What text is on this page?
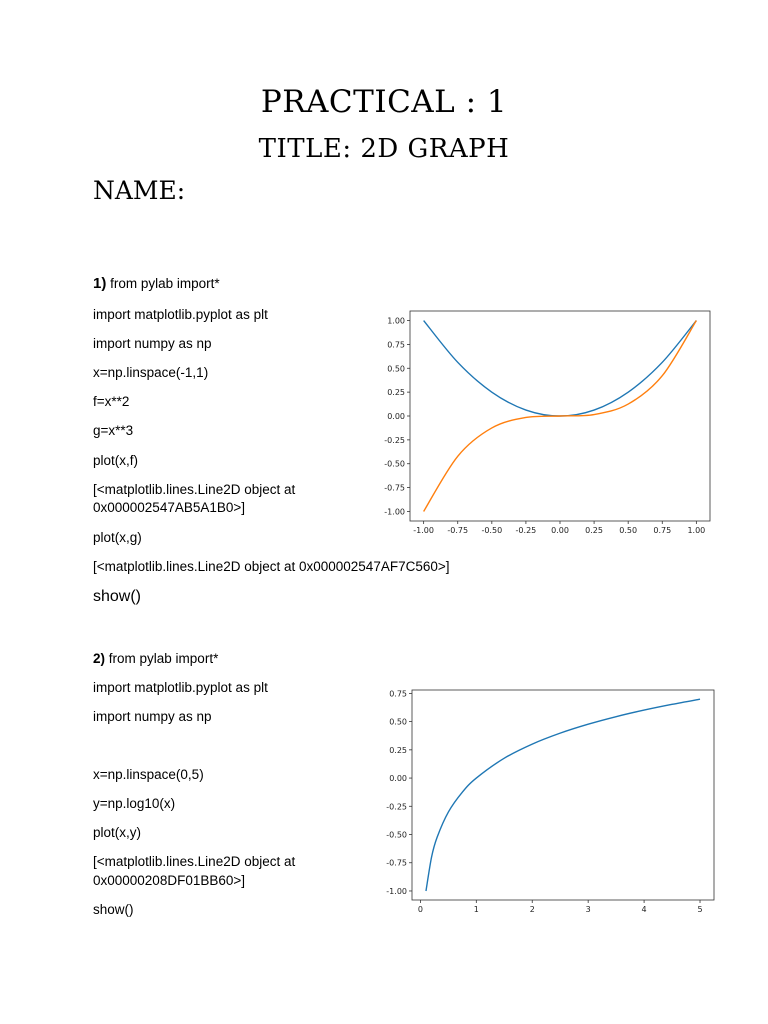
PRACTICAL : 1
TITLE: 2D GRAPH
NAME:
1) from pylab import*
import matplotlib.pyplot as plt
import numpy as np
x=np.linspace(-1,1)
f=x**2
g=x**3
plot(x,f)
[<matplotlib.lines.Line2D object at
0x000002547AB5A1B0>]
plot(x,g)
[<matplotlib.lines.Line2D object at 0x000002547AF7C560>]
show()
2) from pylab import*
import matplotlib.pyplot as plt
import numpy as np
x=np.linspace(0,5)
y=np.log10(x)
plot(x,y)
[<matplotlib.lines.Line2D object at
0x00000208DF01BB60>]
show()
-1.00 -0.75 -0.50 -0.25 0.00 0.25 0.50 0.75 1.00
1.00
0.75
0.50
0.25
0.00
-0.25
-0.50
-0.75
-1.00
0	1	2	3	4	5
0.75
0.50
0.25
0.00
-0.25
-0.50
-0.75
-1.00
